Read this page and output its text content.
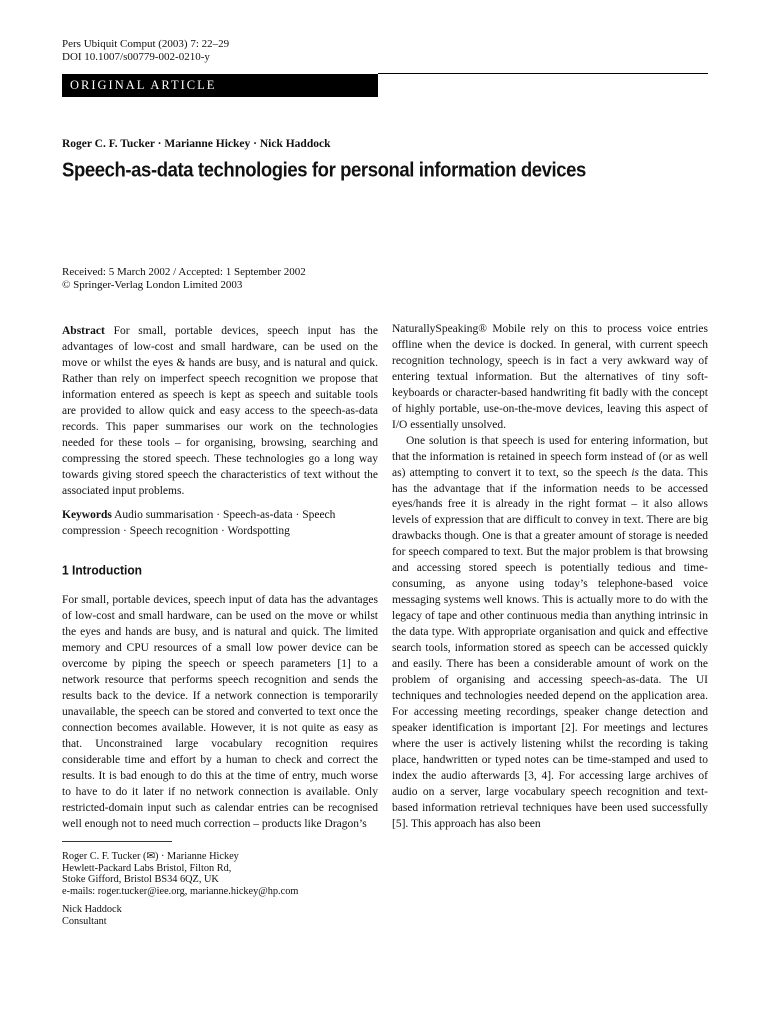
Pers Ubiquit Comput (2003) 7: 22–29
DOI 10.1007/s00779-002-0210-y
ORIGINAL ARTICLE
Roger C. F. Tucker · Marianne Hickey · Nick Haddock
Speech-as-data technologies for personal information devices
Received: 5 March 2002 / Accepted: 1 September 2002
© Springer-Verlag London Limited 2003

Abstract For small, portable devices, speech input has the advantages of low-cost and small hardware, can be used on the move or whilst the eyes & hands are busy, and is natural and quick. Rather than rely on imperfect speech recognition we propose that information entered as speech is kept as speech and suitable tools are provided to allow quick and easy access to the speech-as-data records. This paper summarises our work on the technologies needed for these tools – for organising, browsing, searching and compressing the stored speech. These technologies go a long way towards giving stored speech the characteristics of text without the associated input problems.

Keywords Audio summarisation · Speech-as-data · Speech compression · Speech recognition · Wordspotting

1 Introduction

For small, portable devices, speech input of data has the advantages of low-cost and small hardware, can be used on the move or whilst the eyes and hands are busy, and is natural and quick. The limited memory and CPU resources of a small low power device can be overcome by piping the speech or speech parameters [1] to a network resource that performs speech recognition and sends the results back to the device. If a network connection is temporarily unavailable, the speech can be stored and converted to text once the connection becomes available. However, it is not quite as easy as that. Unconstrained large vocabulary recognition requires considerable time and effort by a human to check and correct the results. It is bad enough to do this at the time of entry, much worse to have to do it later if no network connection is available. Only restricted-domain input such as calendar entries can be recognised well enough not to need much correction – products like Dragon’s

Roger C. F. Tucker (✉) · Marianne Hickey

Hewlett-Packard Labs Bristol, Filton Rd,

Stoke Gifford, Bristol BS34 6QZ, UK

e-mails: roger.tucker@iee.org, marianne.hickey@hp.com

Nick Haddock

Consultant

NaturallySpeaking® Mobile rely on this to process voice entries offline when the device is docked. In general, with current speech recognition technology, speech is in fact a very awkward way of entering textual information. But the alternatives of tiny soft-keyboards or character-based handwriting fit badly with the concept of highly portable, use-on-the-move devices, leaving this aspect of I/O essentially unsolved.

One solution is that speech is used for entering information, but that the information is retained in speech form instead of (or as well as) attempting to convert it to text, so the speech is the data. This has the advantage that if the information needs to be accessed eyes/hands free it is already in the right format – it also allows levels of expression that are difficult to convey in text. There are big drawbacks though. One is that a greater amount of storage is needed for speech compared to text. But the major problem is that browsing and accessing stored speech is potentially tedious and time-consuming, as anyone using today’s telephone-based voice messaging systems well knows. This is actually more to do with the legacy of tape and other continuous media than anything intrinsic in the data type. With appropriate organisation and quick and effective search tools, information stored as speech can be accessed quickly and easily. There has been a considerable amount of work on the problem of organising and accessing speech-as-data. The UI techniques and technologies needed depend on the application area. For accessing meeting recordings, speaker change detection and speaker identification is important [2]. For meetings and lectures where the user is actively listening whilst the recording is taking place, handwritten or typed notes can be time-stamped and used to index the audio afterwards [3, 4]. For accessing large archives of audio on a server, large vocabulary speech recognition and text-based information retrieval techniques have been used successfully [5]. This approach has also been
